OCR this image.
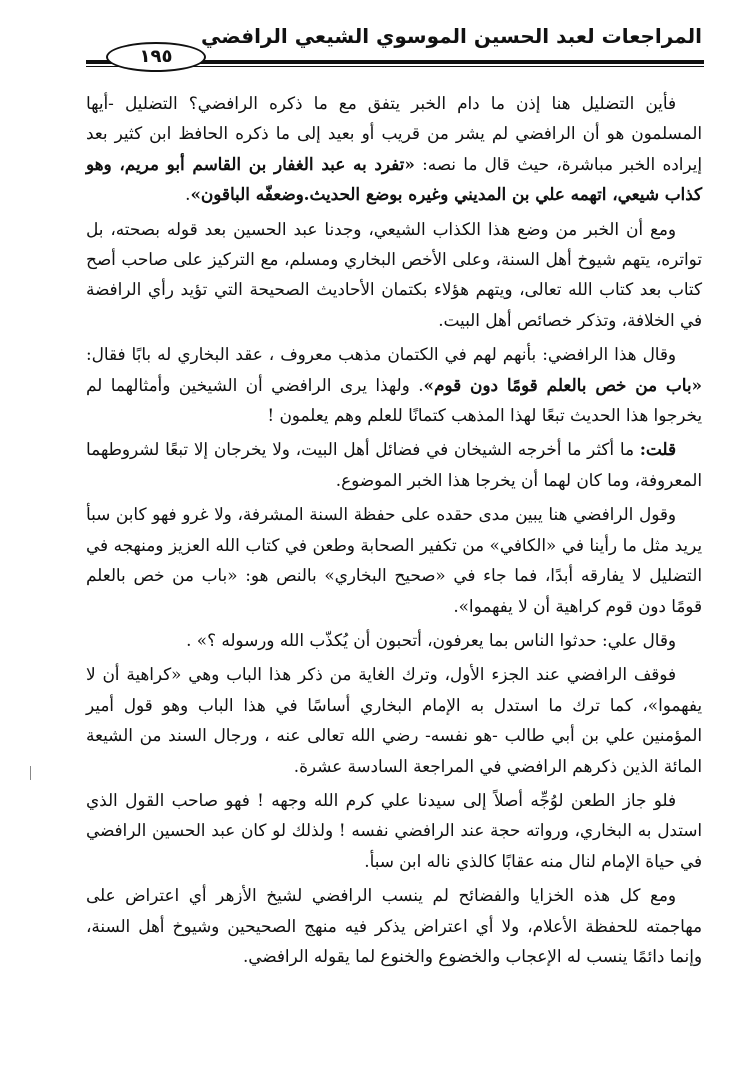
المراجعات لعبد الحسين الموسوي الشيعي الرافضي
١٩٥

فأين التضليل هنا إذن ما دام الخبر يتفق مع ما ذكره الرافضي؟ التضليل -أيها المسلمون هو أن الرافضي لم يشر من قريب أو بعيد إلى ما ذكره الحافظ ابن كثير بعد إيراده الخبر مباشرة، حيث قال ما نصه: «تفرد به عبد الغفار بن القاسم أبو مريم، وهو كذاب شيعي، اتهمه علي بن المديني وغيره بوضع الحديث.وضعفّه الباقون».

ومع أن الخبر من وضع هذا الكذاب الشيعي، وجدنا عبد الحسين بعد قوله بصحته، بل تواتره، يتهم شيوخ أهل السنة، وعلى الأخص البخاري ومسلم، مع التركيز على صاحب أصح كتاب بعد كتاب الله تعالى، ويتهم هؤلاء بكتمان الأحاديث الصحيحة التي تؤيد رأي الرافضة في الخلافة، وتذكر خصائص أهل البيت.

وقال هذا الرافضي: بأنهم لهم في الكتمان مذهب معروف ، عقد البخاري له بابًا فقال: «باب من خص بالعلم قومًا دون قوم». ولهذا يرى الرافضي أن الشيخين وأمثالهما لم يخرجوا هذا الحديث تبعًا لهذا المذهب كتمانًا للعلم وهم يعلمون !

قلت: ما أكثر ما أخرجه الشيخان في فضائل أهل البيت، ولا يخرجان إلا تبعًا لشروطهما المعروفة، وما كان لهما أن يخرجا هذا الخبر الموضوع.

وقول الرافضي هنا يبين مدى حقده على حفظة السنة المشرفة، ولا غرو فهو كابن سبأ يريد مثل ما رأينا في «الكافي» من تكفير الصحابة وطعن في كتاب الله العزيز ومنهجه في التضليل لا يفارقه أبدًا، فما جاء في «صحيح البخاري» بالنص هو: «باب من خص بالعلم قومًا دون قوم كراهية أن لا يفهموا».

وقال علي: حدثوا الناس بما يعرفون، أتحبون أن يُكذّب الله ورسوله ؟» .

فوقف الرافضي عند الجزء الأول، وترك الغاية من ذكر هذا الباب وهي «كراهية أن لا يفهموا»، كما ترك ما استدل به الإمام البخاري أساسًا في هذا الباب وهو قول أمير المؤمنين علي بن أبي طالب -هو نفسه- رضي الله تعالى عنه ، ورجال السند من الشيعة المائة الذين ذكرهم الرافضي في المراجعة السادسة عشرة.

فلو جاز الطعن لوُجِّه أصلاً إلى سيدنا علي كرم الله وجهه ! فهو صاحب القول الذي استدل به البخاري، ورواته حجة عند الرافضي نفسه ! ولذلك لو كان عبد الحسين الرافضي في حياة الإمام لنال منه عقابًا كالذي ناله ابن سبأ.

ومع كل هذه الخزايا والفضائح لم ينسب الرافضي لشيخ الأزهر أي اعتراض على مهاجمته للحفظة الأعلام، ولا أي اعتراض يذكر فيه منهج الصحيحين وشيوخ أهل السنة، وإنما دائمًا ينسب له الإعجاب والخضوع والخنوع لما يقوله الرافضي.
